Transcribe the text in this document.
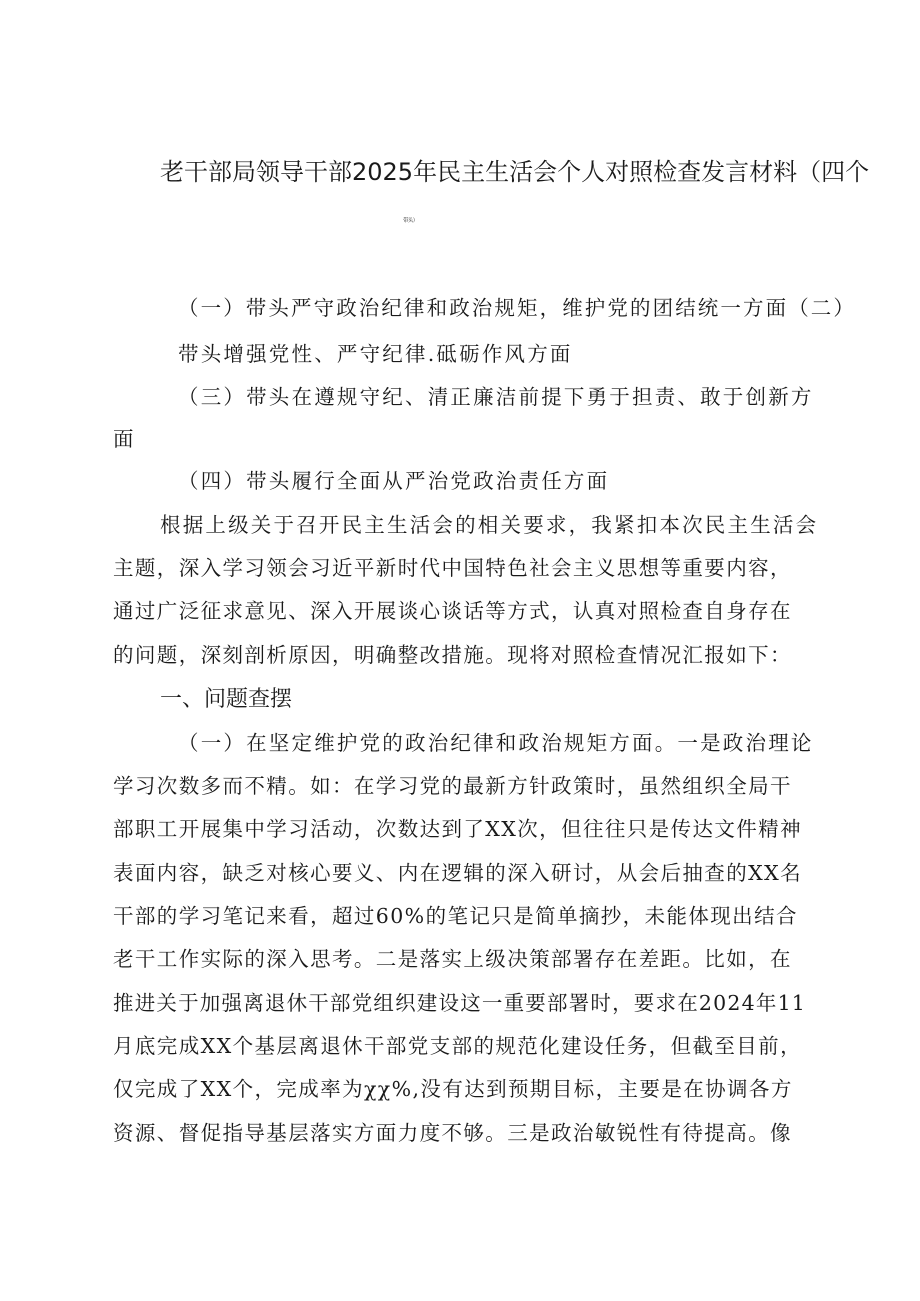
老干部局领导干部2025年民主生活会个人对照检查发言材料（四个
带头）
（一）带头严守政治纪律和政治规矩，维护党的团结统一方面（二）
带头增强党性、严守纪律.砥砺作风方面
（三）带头在遵规守纪、清正廉洁前提下勇于担责、敢于创新方
面
（四）带头履行全面从严治党政治责任方面
根据上级关于召开民主生活会的相关要求，我紧扣本次民主生活会
主题，深入学习领会习近平新时代中国特色社会主义思想等重要内容，
通过广泛征求意见、深入开展谈心谈话等方式，认真对照检查自身存在
的问题，深刻剖析原因，明确整改措施。现将对照检查情况汇报如下：
一、问题查摆
（一）在坚定维护党的政治纪律和政治规矩方面。一是政治理论
学习次数多而不精。如：在学习党的最新方针政策时，虽然组织全局干
部职工开展集中学习活动，次数达到了XX次，但往往只是传达文件精神
表面内容，缺乏对核心要义、内在逻辑的深入研讨，从会后抽查的XX名
干部的学习笔记来看，超过60%的笔记只是简单摘抄，未能体现出结合
老干工作实际的深入思考。二是落实上级决策部署存在差距。比如，在
推进关于加强离退休干部党组织建设这一重要部署时，要求在2024年11
月底完成XX个基层离退休干部党支部的规范化建设任务，但截至目前，
仅完成了XX个，完成率为χχ%,没有达到预期目标，主要是在协调各方
资源、督促指导基层落实方面力度不够。三是政治敏锐性有待提高。像
